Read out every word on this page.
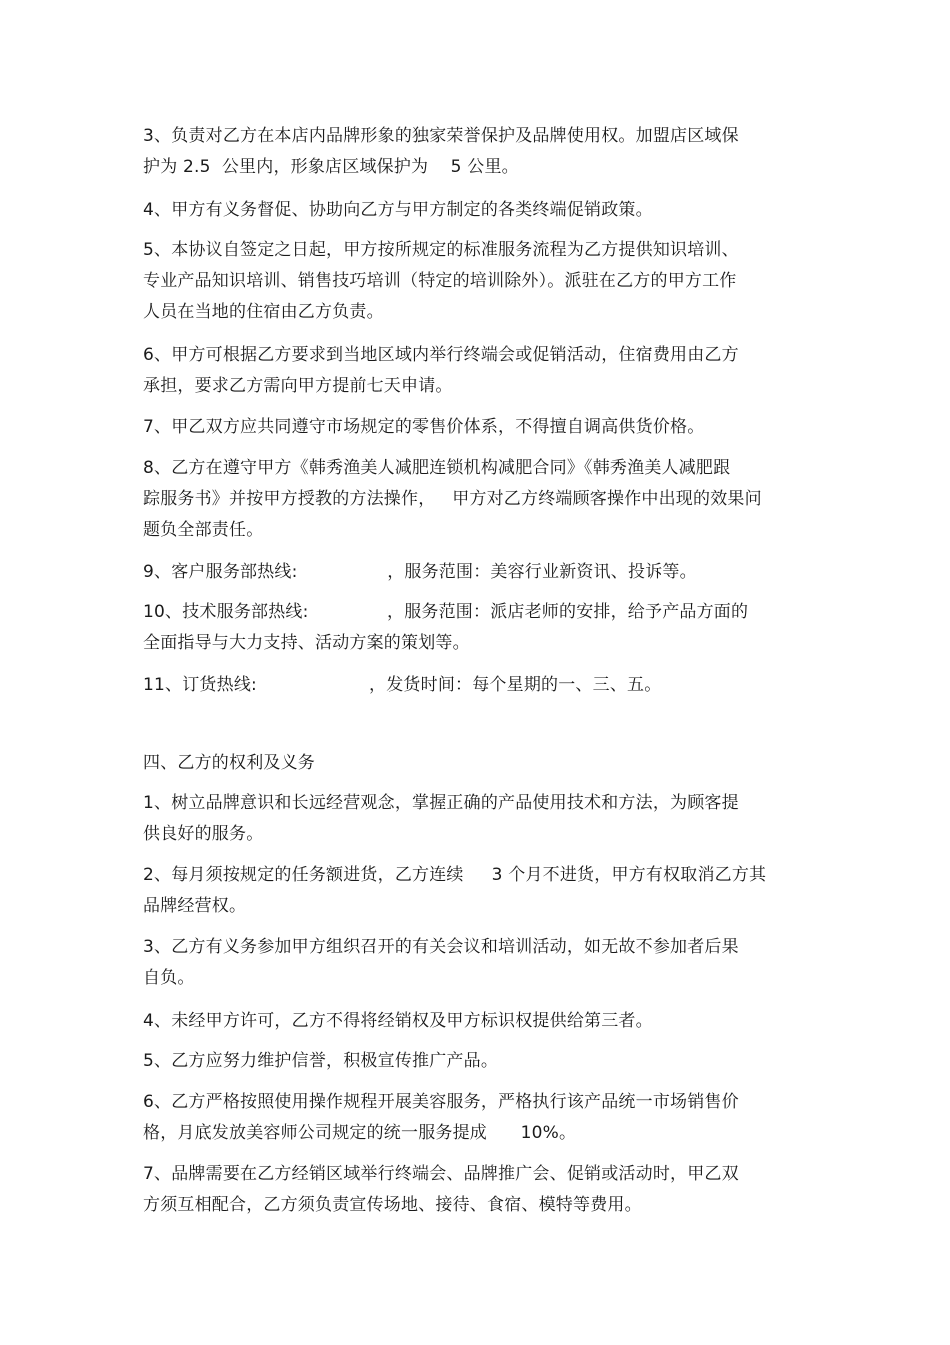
3、负责对乙方在本店内品牌形象的独家荣誉保护及品牌使用权。加盟店区域保
护为 2.5  公里内，形象店区域保护为    5 公里。
4、甲方有义务督促、协助向乙方与甲方制定的各类终端促销政策。
5、本协议自签定之日起，甲方按所规定的标准服务流程为乙方提供知识培训、
专业产品知识培训、销售技巧培训（特定的培训除外）。派驻在乙方的甲方工作
人员在当地的住宿由乙方负责。
6、甲方可根据乙方要求到当地区域内举行终端会或促销活动，住宿费用由乙方
承担，要求乙方需向甲方提前七天申请。
7、甲乙双方应共同遵守市场规定的零售价体系，不得擅自调高供货价格。
8、乙方在遵守甲方《韩秀渔美人减肥连锁机构减肥合同》《韩秀渔美人减肥跟
踪服务书》并按甲方授教的方法操作，   甲方对乙方终端顾客操作中出现的效果问
题负全部责任。
9、客户服务部热线:                ，服务范围：美容行业新资讯、投诉等。
10、技术服务部热线:              ，服务范围：派店老师的安排，给予产品方面的
全面指导与大力支持、活动方案的策划等。
11、订货热线:                    ，发货时间：每个星期的一、三、五。
四、乙方的权利及义务
1、树立品牌意识和长远经营观念，掌握正确的产品使用技术和方法，为顾客提
供良好的服务。
2、每月须按规定的任务额进货，乙方连续     3 个月不进货，甲方有权取消乙方其
品牌经营权。
3、乙方有义务参加甲方组织召开的有关会议和培训活动，如无故不参加者后果
自负。
4、未经甲方许可，乙方不得将经销权及甲方标识权提供给第三者。
5、乙方应努力维护信誉，积极宣传推广产品。
6、乙方严格按照使用操作规程开展美容服务，严格执行该产品统一市场销售价
格，月底发放美容师公司规定的统一服务提成      10%。
7、品牌需要在乙方经销区域举行终端会、品牌推广会、促销或活动时，甲乙双
方须互相配合，乙方须负责宣传场地、接待、食宿、模特等费用。
